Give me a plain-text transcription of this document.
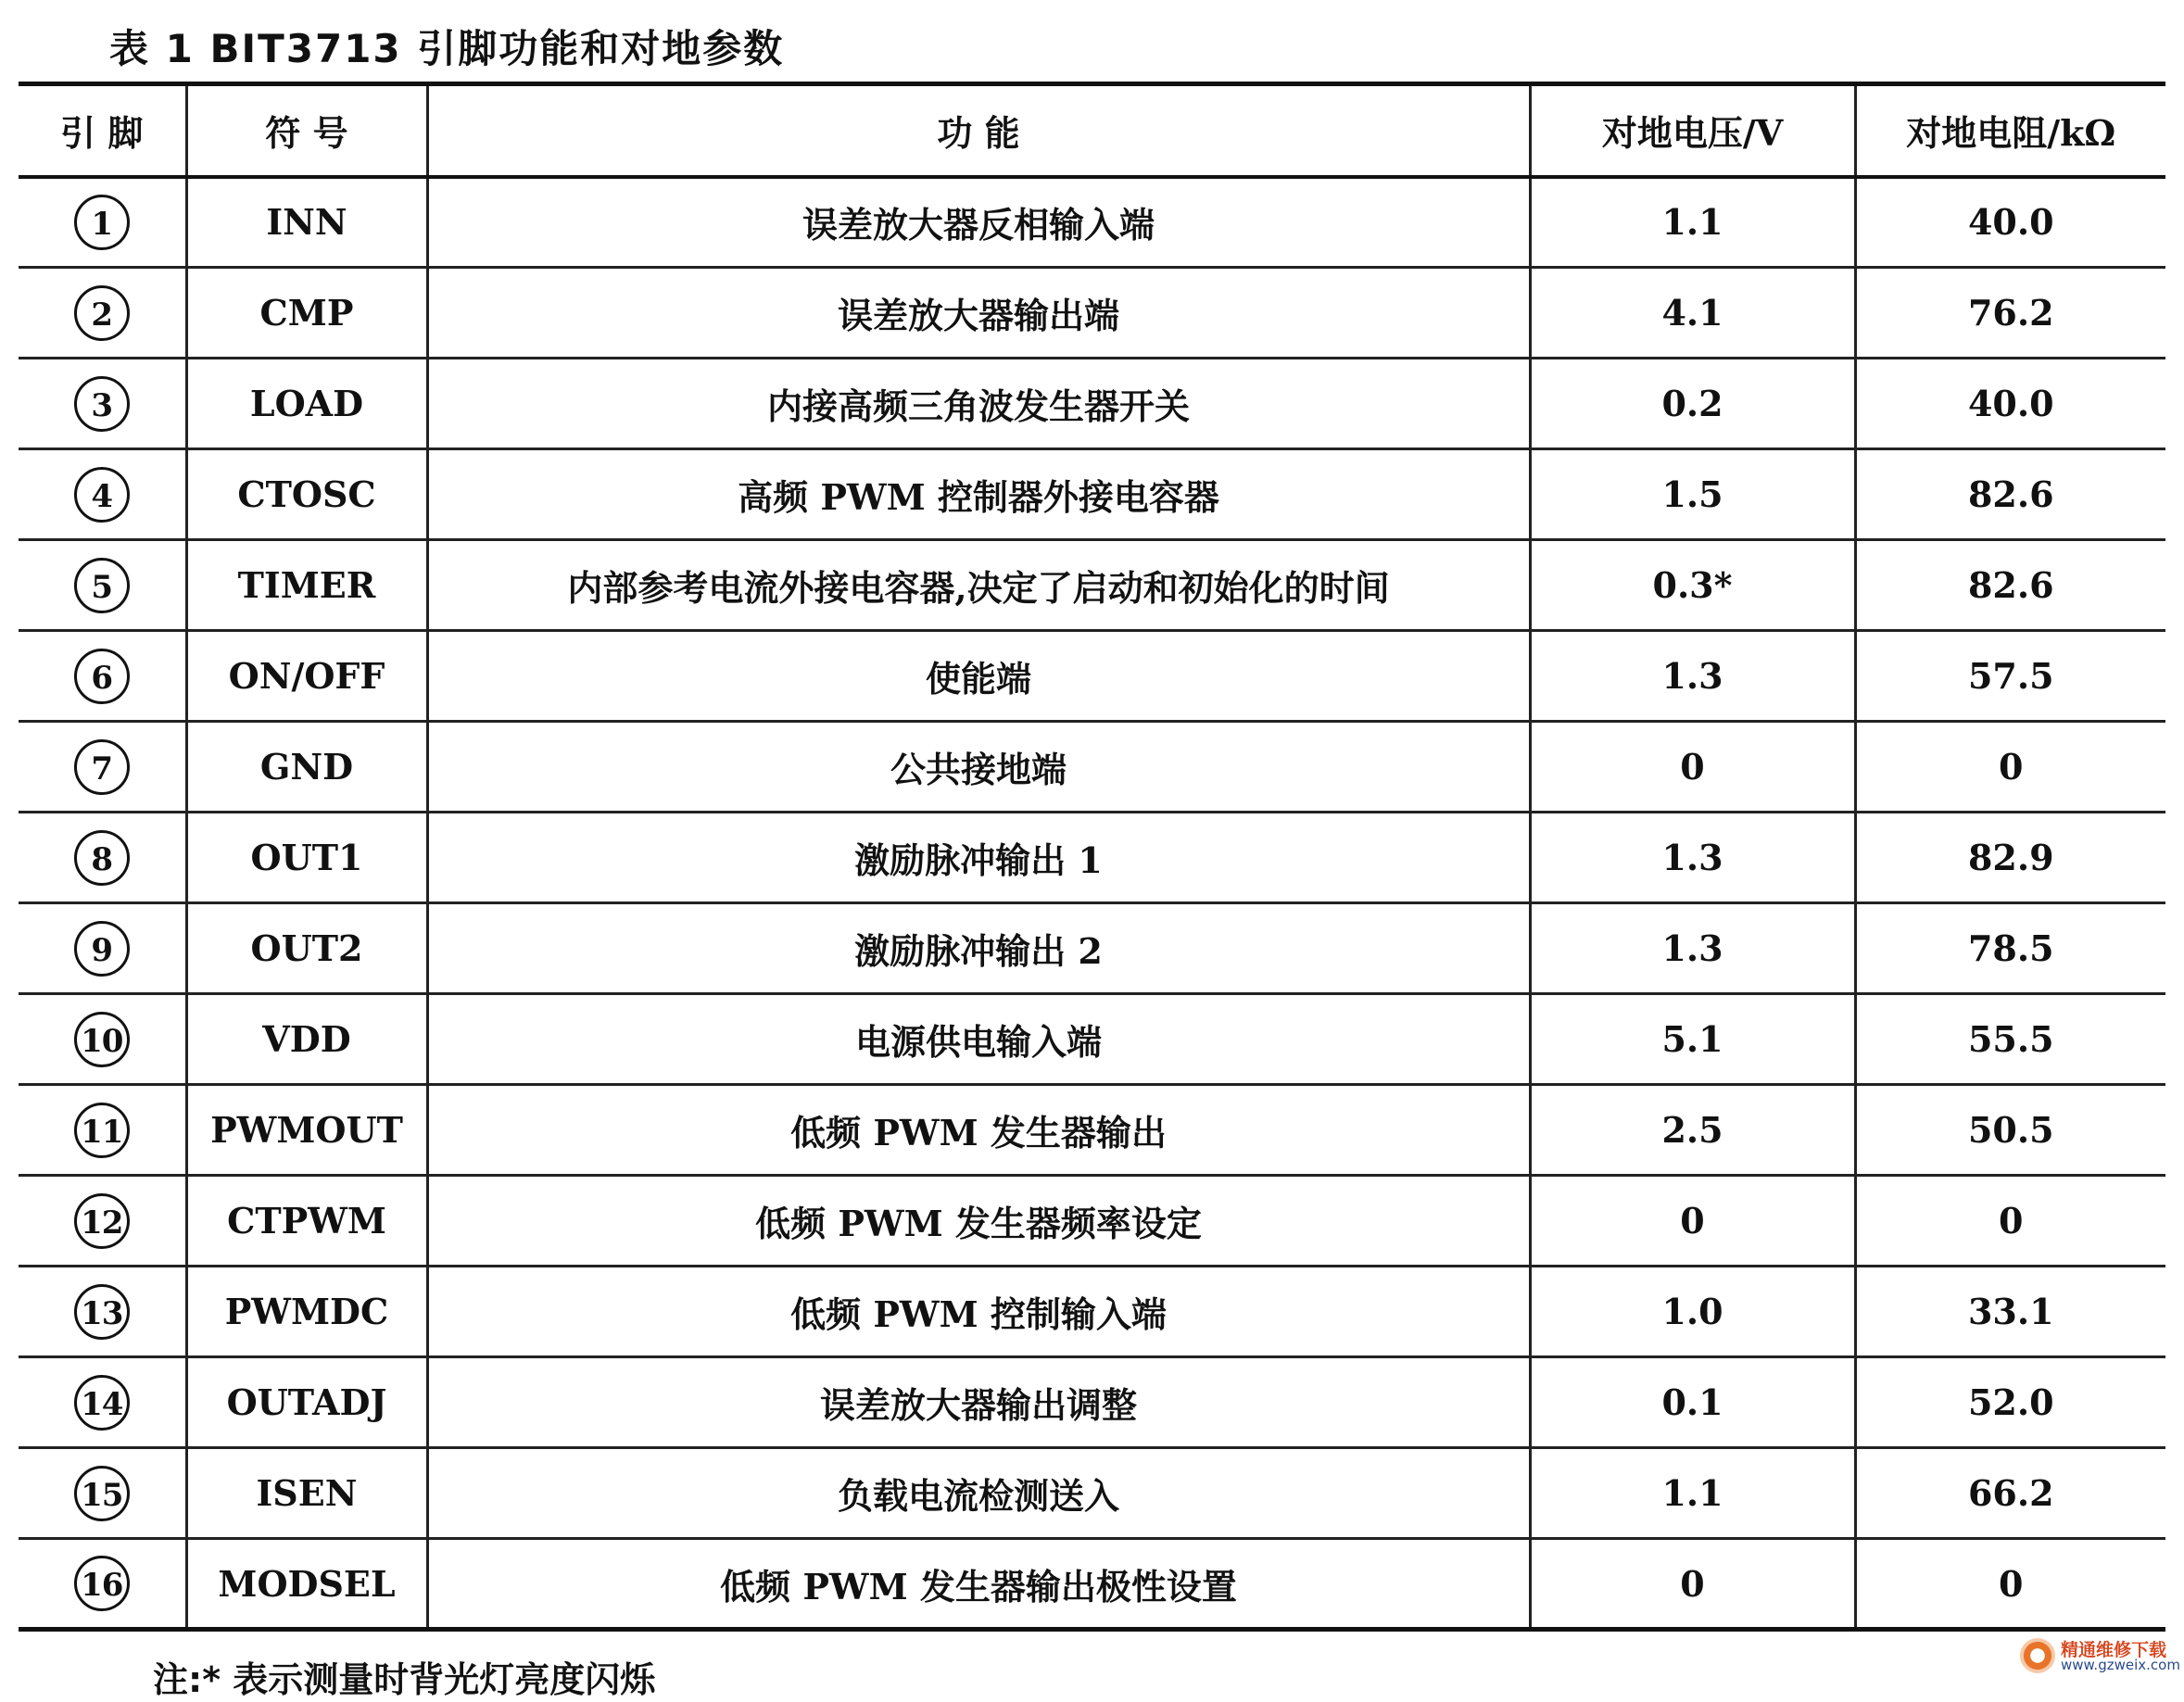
表 1 BIT3713 引脚功能和对地参数
引 脚	符 号	功 能	对地电压/V	对地电阻/kΩ
1	INN	误差放大器反相输入端	1.1	40.0
2	CMP	误差放大器输出端	4.1	76.2
3	LOAD	内接高频三角波发生器开关	0.2	40.0
4	CTOSC	高频 PWM 控制器外接电容器	1.5	82.6
5	TIMER	内部参考电流外接电容器,决定了启动和初始化的时间	0.3*	82.6
6	ON/OFF	使能端	1.3	57.5
7	GND	公共接地端	0	0
8	OUT1	激励脉冲输出 1	1.3	82.9
9	OUT2	激励脉冲输出 2	1.3	78.5
10	VDD	电源供电输入端	5.1	55.5
11	PWMOUT	低频 PWM 发生器输出	2.5	50.5
12	CTPWM	低频 PWM 发生器频率设定	0	0
13	PWMDC	低频 PWM 控制输入端	1.0	33.1
14	OUTADJ	误差放大器输出调整	0.1	52.0
15	ISEN	负载电流检测送入	1.1	66.2
16	MODSEL	低频 PWM 发生器输出极性设置	0	0
注:* 表示测量时背光灯亮度闪烁
精通维修下载
www.gzweix.com
